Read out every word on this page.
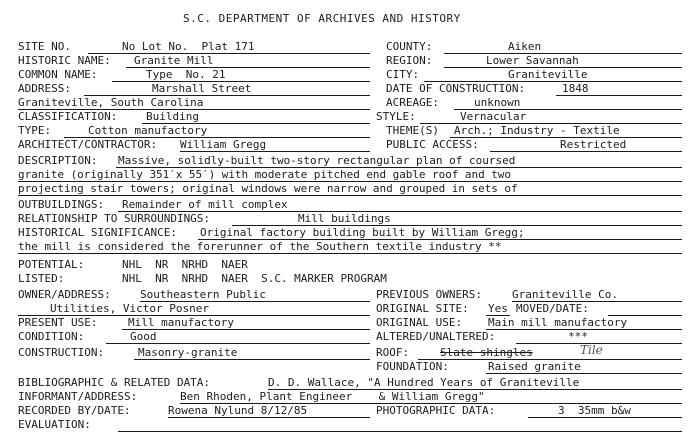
S.C. DEPARTMENT OF ARCHIVES AND HISTORY
SITE NO.	No Lot No.  Plat 171	COUNTY:	Aiken
HISTORIC NAME: Granite Mill	REGION:	Lower Savannah
COMMON NAME:	Type  No. 21	CITY:	Graniteville
ADDRESS:	Marshall Street	DATE OF CONSTRUCTION:	1848
Graniteville, South Carolina	ACREAGE:	unknown
CLASSIFICATION:	Building	STYLE:	Vernacular
TYPE:	Cotton manufactory	THEME(S) Arch.; Industry - Textile
ARCHITECT/CONTRACTOR: William Gregg	PUBLIC ACCESS:	Restricted
DESCRIPTION: Massive, solidly-built two-story rectangular plan of coursed
granite (originally 351′x 55′) with moderate pitched end gable roof and two
projecting stair towers; original windows were narrow and grouped in sets of
OUTBUILDINGS: Remainder of mill complex
RELATIONSHIP TO SURROUNDINGS:	Mill buildings
HISTORICAL SIGNIFICANCE: Original factory building built by William Gregg;
the mill is considered the forerunner of the Southern textile industry **
POTENTIAL:	NHL  NR  NRHD  NAER
LISTED:	NHL  NR  NRHD  NAER  S.C. MARKER PROGRAM
OWNER/ADDRESS:	Southeastern Public	PREVIOUS OWNERS:	Graniteville Co.
Utilities, Victor Posner	ORIGINAL SITE: Yes MOVED/DATE:
PRESENT USE:	Mill manufactory	ORIGINAL USE: Main mill manufactory
CONDITION:	Good	ALTERED/UNALTERED:	***
CONSTRUCTION:	Masonry-granite	ROOF:	Slate shingles	Tile
FOUNDATION:	Raised granite
BIBLIOGRAPHIC & RELATED DATA:	D. D. Wallace, "A Hundred Years of Graniteville
INFORMANT/ADDRESS:	Ben Rhoden, Plant Engineer    & William Gregg"
RECORDED BY/DATE:	Rowena Nylund 8/12/85	PHOTOGRAPHIC DATA:	3  35mm b&w
EVALUATION:
